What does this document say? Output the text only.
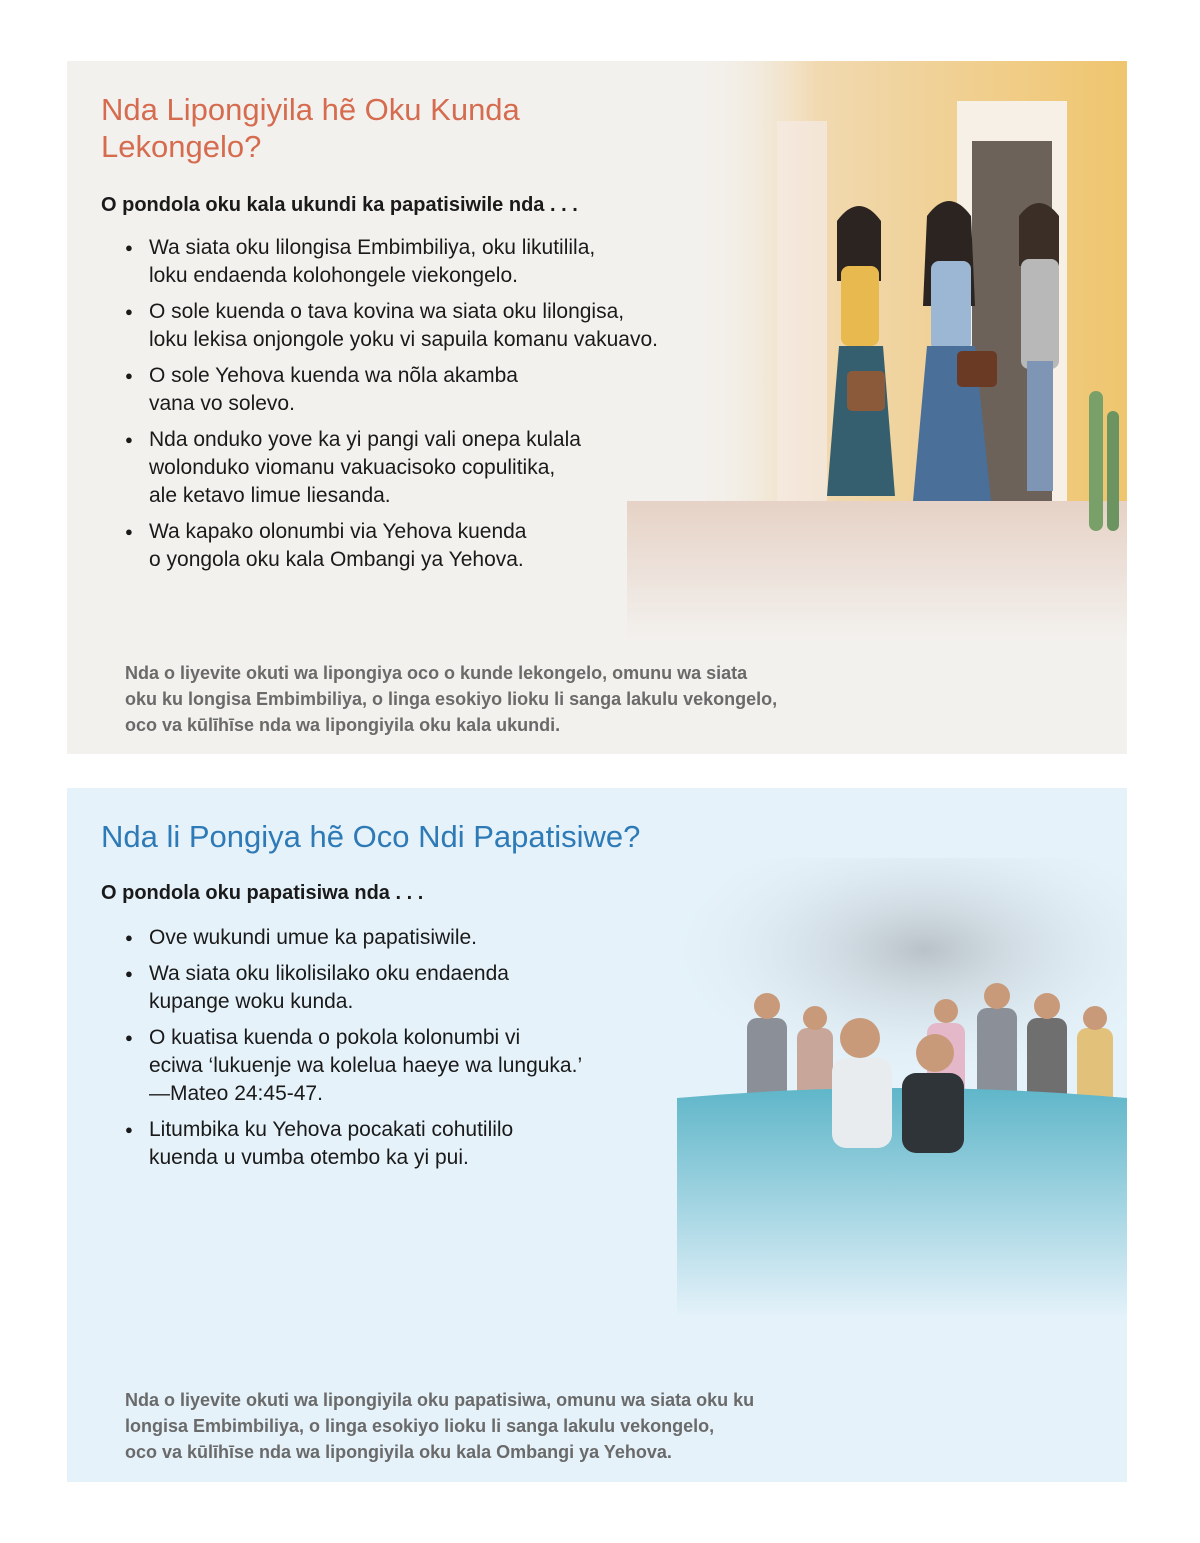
Nda Lipongiyila hẽ Oku Kunda Lekongelo?

O pondola oku kala ukundi ka papatisiwile nda . . .

● Wa siata oku lilongisa Embimbiliya, oku likutilila,
loku endaenda kolohongele viekongelo.
● O sole kuenda o tava kovina wa siata oku lilongisa,
loku lekisa onjongole yoku vi sapuila komanu vakuavo.
● O sole Yehova kuenda wa nõla akamba
vana vo solevo.
● Nda onduko yove ka yi pangi vali onepa kulala
wolonduko viomanu vakuacisoko copulitika,
ale ketavo limue liesanda.
● Wa kapako olonumbi via Yehova kuenda
o yongola oku kala Ombangi ya Yehova.

Nda o liyevite okuti wa lipongiya oco o kunde lekongelo, omunu wa siata
oku ku longisa Embimbiliya, o linga esokiyo lioku li sanga lakulu vekongelo,
oco va kūlīhīse nda wa lipongiyila oku kala ukundi.

Nda li Pongiya hẽ Oco Ndi Papatisiwe?

O pondola oku papatisiwa nda . . .

● Ove wukundi umue ka papatisiwile.
● Wa siata oku likolisilako oku endaenda
kupange woku kunda.
● O kuatisa kuenda o pokola kolonumbi vi
eciwa ‘lukuenje wa kolelua haeye wa lunguka.’
—Mateo 24:45-47.
● Litumbika ku Yehova pocakati cohutililo
kuenda u vumba otembo ka yi pui.

Nda o liyevite okuti wa lipongiyila oku papatisiwa, omunu wa siata oku ku
longisa Embimbiliya, o linga esokiyo lioku li sanga lakulu vekongelo,
oco va kūlīhīse nda wa lipongiyila oku kala Ombangi ya Yehova.
